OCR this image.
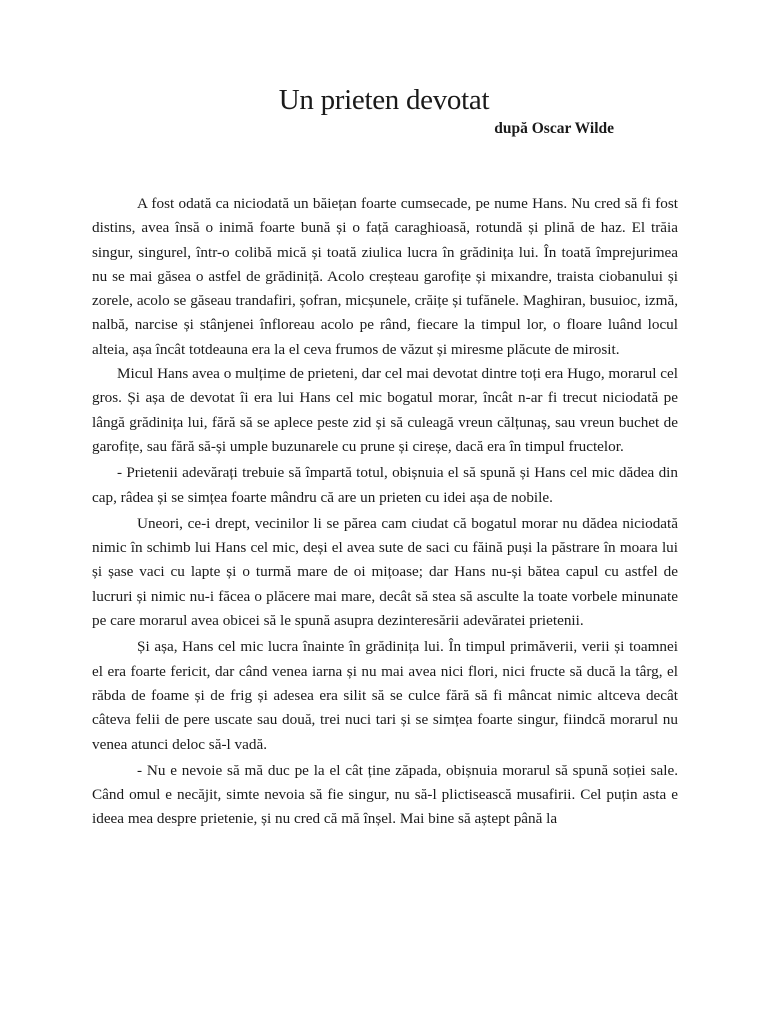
Un prieten devotat
după Oscar Wilde

A fost odată ca niciodată un băiețan foarte cumsecade, pe nume Hans. Nu cred să fi fost distins, avea însă o inimă foarte bună și o față caraghioasă, rotundă și plină de haz. El trăia singur, singurel, într-o colibă mică și toată ziulica lucra în grădinița lui. În toată împrejurimea nu se mai găsea o astfel de grădiniță. Acolo creșteau garofițe și mixandre, traista ciobanului și zorele, acolo se găseau trandafiri, șofran, micșunele, crăițe și tufănele. Maghiran, busuioc, izmă, nalbă, narcise și stânjenei înfloreau acolo pe rând, fiecare la timpul lor, o floare luând locul alteia, așa încât totdeauna era la el ceva frumos de văzut și miresme plăcute de mirosit.

Micul Hans avea o mulțime de prieteni, dar cel mai devotat dintre toți era Hugo, morarul cel gros. Și așa de devotat îi era lui Hans cel mic bogatul morar, încât n-ar fi trecut niciodată pe lângă grădinița lui, fără să se aplece peste zid și să culeagă vreun călțunaș, sau vreun buchet de garofițe, sau fără să-și umple buzunarele cu prune și cireșe, dacă era în timpul fructelor.

- Prietenii adevărați trebuie să împartă totul, obișnuia el să spună și Hans cel mic dădea din cap, râdea și se simțea foarte mândru că are un prieten cu idei așa de nobile.

Uneori, ce-i drept, vecinilor li se părea cam ciudat că bogatul morar nu dădea niciodată nimic în schimb lui Hans cel mic, deși el avea sute de saci cu făină puși la păstrare în moara lui și șase vaci cu lapte și o turmă mare de oi mițoase; dar Hans nu-și bătea capul cu astfel de lucruri și nimic nu-i făcea o plăcere mai mare, decât să stea să asculte la toate vorbele minunate pe care morarul avea obicei să le spună asupra dezinteresării adevăratei prietenii.

Și așa, Hans cel mic lucra înainte în grădinița lui. În timpul primăverii, verii și toamnei el era foarte fericit, dar când venea iarna și nu mai avea nici flori, nici fructe să ducă la târg, el răbda de foame și de frig și adesea era silit să se culce fără să fi mâncat nimic altceva decât câteva felii de pere uscate sau două, trei nuci tari și se simțea foarte singur, fiindcă morarul nu venea atunci deloc să-l vadă.

- Nu e nevoie să mă duc pe la el cât ține zăpada, obișnuia morarul să spună soției sale. Când omul e necăjit, simte nevoia să fie singur, nu să-l plictisească musafirii. Cel puțin asta e ideea mea despre prietenie, și nu cred că mă înșel. Mai bine să aștept până la
